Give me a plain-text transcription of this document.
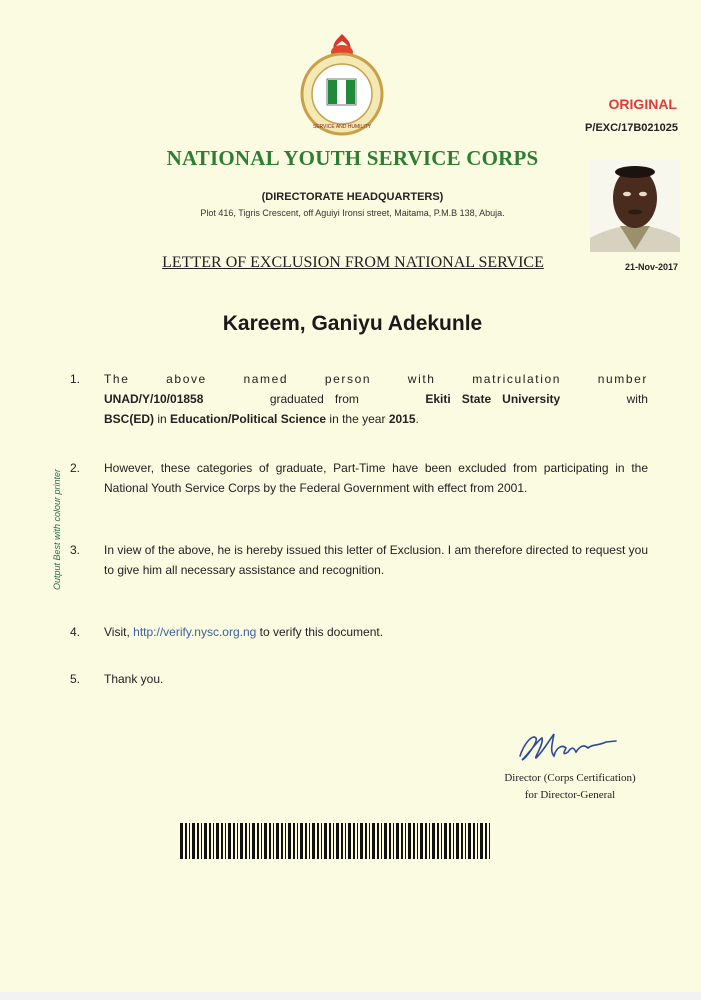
SERVICE AND HUMILITY
ORIGINAL
P/EXC/17B021025
NATIONAL YOUTH SERVICE CORPS
(DIRECTORATE HEADQUARTERS)
Plot 416, Tigris Crescent, off Aguiyi Ironsi street, Maitama, P.M.B 138, Abuja.
21-Nov-2017
LETTER OF EXCLUSION FROM NATIONAL SERVICE
Kareem, Ganiyu Adekunle
Output Best with colour printer
1.	The above named person with matriculation number
UNAD/Y/10/01858	graduated from	Ekiti State University	with
BSC(ED) in Education/Political Science in the year 2015.
2.	However, these categories of graduate, Part-Time have been excluded from participating in the National Youth Service Corps by the Federal Government with effect from 2001.
3.	In view of the above, he is hereby issued this letter of Exclusion. I am therefore directed to request you to give him all necessary assistance and recognition.
4.	Visit, http://verify.nysc.org.ng to verify this document.
5.	Thank you.
Director (Corps Certification)
for Director-General
